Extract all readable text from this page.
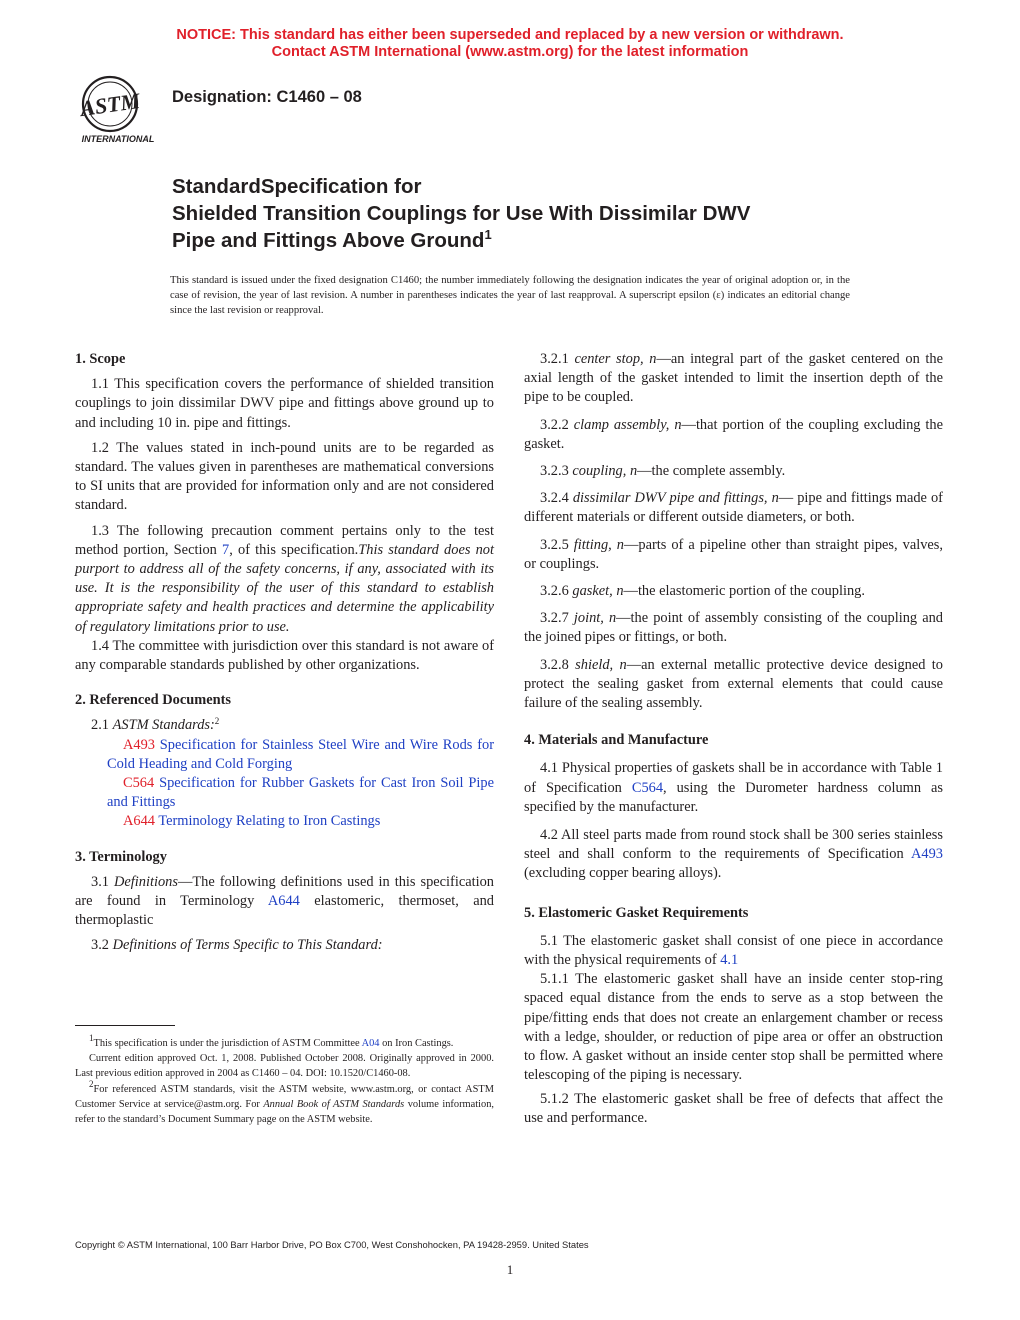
NOTICE: This standard has either been superseded and replaced by a new version or withdrawn.
Contact ASTM International (www.astm.org) for the latest information
ASTM
INTERNATIONAL
Designation: C1460 – 08
StandardSpecification for
Shielded Transition Couplings for Use With Dissimilar DWV
Pipe and Fittings Above Ground$^1$
This standard is issued under the fixed designation C1460; the number immediately following the designation indicates the year of original adoption or, in the case of revision, the year of last revision. A number in parentheses indicates the year of last reapproval. A superscript epsilon (ε) indicates an editorial change since the last revision or reapproval.
1. Scope

1.1 This specification covers the performance of shielded transition couplings to join dissimilar DWV pipe and fittings above ground up to and including 10 in. pipe and fittings.

1.2 The values stated in inch-pound units are to be regarded as standard. The values given in parentheses are mathematical conversions to SI units that are provided for information only and are not considered standard.

1.3 The following precaution comment pertains only to the test method portion, Section 7, of this specification.This standard does not purport to address all of the safety concerns, if any, associated with its use. It is the responsibility of the user of this standard to establish appropriate safety and health practices and determine the applicability of regulatory limitations prior to use.

1.4 The committee with jurisdiction over this standard is not aware of any comparable standards published by other organizations.

2. Referenced Documents

2.1 ASTM Standards:$^2$

A493 Specification for Stainless Steel Wire and Wire Rods for Cold Heading and Cold Forging

C564 Specification for Rubber Gaskets for Cast Iron Soil Pipe and Fittings

A644 Terminology Relating to Iron Castings

3. Terminology

3.1 Definitions—The following definitions used in this specification are found in Terminology A644 elastomeric, thermoset, and thermoplastic

3.2 Definitions of Terms Specific to This Standard:

$^1$This specification is under the jurisdiction of ASTM Committee A04 on Iron Castings.

Current edition approved Oct. 1, 2008. Published October 2008. Originally approved in 2000. Last previous edition approved in 2004 as C1460 – 04. DOI: 10.1520/C1460-08.

$^2$For referenced ASTM standards, visit the ASTM website, www.astm.org, or contact ASTM Customer Service at service@astm.org. For Annual Book of ASTM Standards volume information, refer to the standard’s Document Summary page on the ASTM website.

3.2.1 center stop, n—an integral part of the gasket centered on the axial length of the gasket intended to limit the insertion depth of the pipe to be coupled.

3.2.2 clamp assembly, n—that portion of the coupling excluding the gasket.

3.2.3 coupling, n—the complete assembly.

3.2.4 dissimilar DWV pipe and fittings, n— pipe and fittings made of different materials or different outside diameters, or both.

3.2.5 fitting, n—parts of a pipeline other than straight pipes, valves, or couplings.

3.2.6 gasket, n—the elastomeric portion of the coupling.

3.2.7 joint, n—the point of assembly consisting of the coupling and the joined pipes or fittings, or both.

3.2.8 shield, n—an external metallic protective device designed to protect the sealing gasket from external elements that could cause failure of the sealing assembly.

4. Materials and Manufacture

4.1 Physical properties of gaskets shall be in accordance with Table 1 of Specification C564, using the Durometer hardness column as specified by the manufacturer.

4.2 All steel parts made from round stock shall be 300 series stainless steel and shall conform to the requirements of Specification A493 (excluding copper bearing alloys).

5. Elastomeric Gasket Requirements

5.1 The elastomeric gasket shall consist of one piece in accordance with the physical requirements of 4.1

5.1.1 The elastomeric gasket shall have an inside center stop-ring spaced equal distance from the ends to serve as a stop between the pipe/fitting ends that does not create an enlargement chamber or recess with a ledge, shoulder, or reduction of pipe area or offer an obstruction to flow. A gasket without an inside center stop shall be permitted where telescoping of the piping is necessary.

5.1.2 The elastomeric gasket shall be free of defects that affect the use and performance.

Copyright © ASTM International, 100 Barr Harbor Drive, PO Box C700, West Conshohocken, PA 19428-2959. United States
1
